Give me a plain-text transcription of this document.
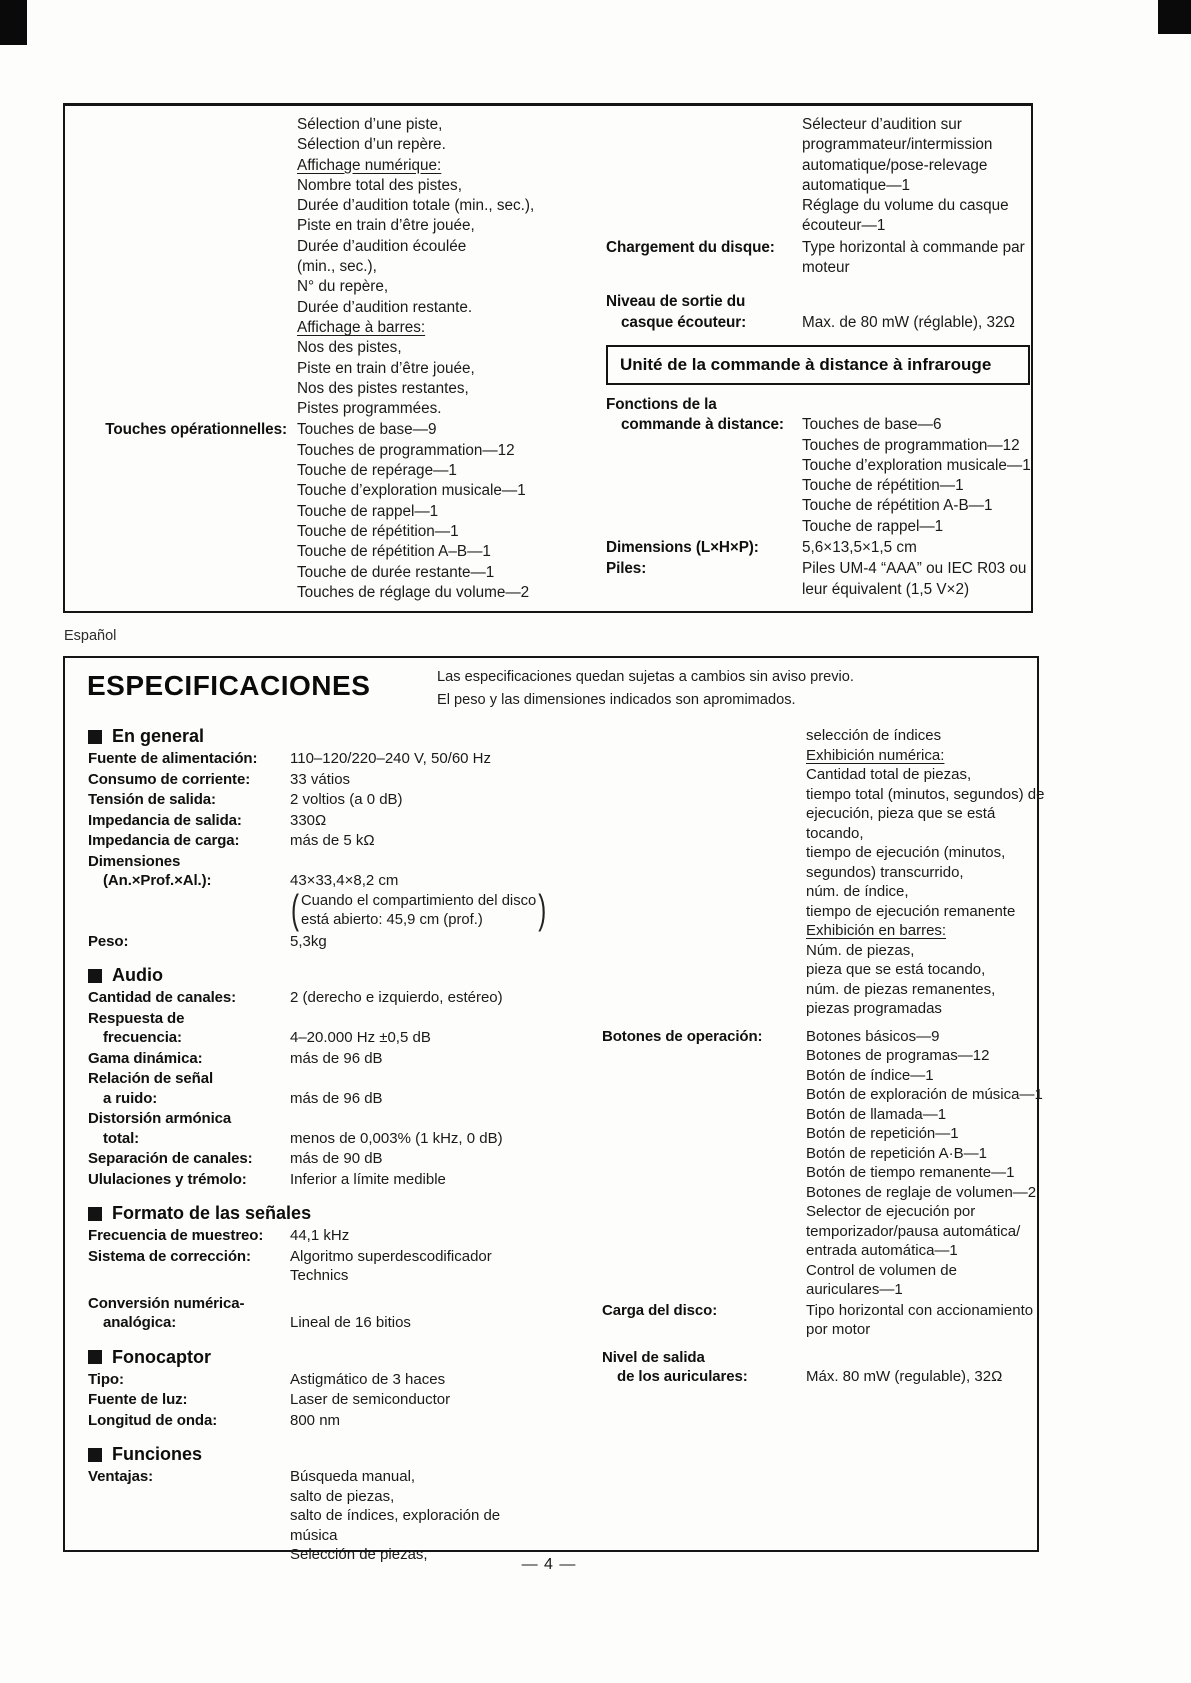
Sélection d’une piste,
Sélection d’un repère.
Affichage numérique:
Nombre total des pistes,
Durée d’audition totale (min., sec.),
Piste en train d’être jouée,
Durée d’audition écoulée
(min., sec.),
N° du repère,
Durée d’audition restante.
Affichage à barres:
Nos des pistes,
Piste en train d’être jouée,
Nos des pistes restantes,
Pistes programmées.
Touches opérationnelles: Touches de base—9
Touches de programmation—12
Touche de repérage—1
Touche d’exploration musicale—1
Touche de rappel—1
Touche de répétition—1
Touche de répétition A–B—1
Touche de durée restante—1
Touches de réglage du volume—2
Sélecteur d’audition sur
programmateur/intermission
automatique/pose-relevage
automatique—1
Réglage du volume du casque
écouteur—1
Chargement du disque:	Type horizontal à commande par
moteur
Niveau de sortie du
casque écouteur:
	Max. de 80 mW (réglable), 32Ω
Unité de la commande à distance à infrarouge
Fonctions de la
commande à distance:
	Touches de base—6
Touches de programmation—12
Touche d’exploration musicale—1
Touche de répétition—1
Touche de répétition A-B—1
Touche de rappel—1
Dimensions (L×H×P):	5,6×13,5×1,5 cm
Piles:	Piles UM-4 “AAA” ou IEC R03 ou
leur équivalent (1,5 V×2)
Español
ESPECIFICACIONES	Las especificaciones quedan sujetas a cambios sin aviso previo.
El peso y las dimensiones indicados son apromimados.
En general
Fuente de alimentación:	110–120/220–240 V, 50/60 Hz
Consumo de corriente:	33 vátios
Tensión de salida:	2 voltios (a 0 dB)
Impedancia de salida:	330Ω
Impedancia de carga:	más de 5 kΩ
Dimensiones
(An.×Prof.×Al.):
	43×33,4×8,2 cm
( Cuando el compartimiento del disco
está abierto: 45,9 cm (prof.)	)
Peso:	5,3kg
Audio
Cantidad de canales:	2 (derecho e izquierdo, estéreo)
Respuesta de
frecuencia:
	4–20.000 Hz ±0,5 dB
Gama dinámica:	más de 96 dB
Relación de señal
a ruido:
	más de 96 dB
Distorsión armónica
total:
	menos de 0,003% (1 kHz, 0 dB)
Separación de canales:	más de 90 dB
Ululaciones y trémolo:	Inferior a límite medible
Formato de las señales
Frecuencia de muestreo:	44,1 kHz
Sistema de corrección:	Algoritmo superdescodificador
Technics
Conversión numérica-
analógica:
	Lineal de 16 bitios
Fonocaptor
Tipo:	Astigmático de 3 haces
Fuente de luz:	Laser de semiconductor
Longitud de onda:	800 nm
Funciones
Ventajas:	Búsqueda manual,
salto de piezas,
salto de índices, exploración de
música
Selección de piezas,
selección de índices
Exhibición numérica:
Cantidad total de piezas,
tiempo total (minutos, segundos) de
ejecución, pieza que se está
tocando,
tiempo de ejecución (minutos,
segundos) transcurrido,
núm. de índice,
tiempo de ejecución remanente
Exhibición en barres:
Núm. de piezas,
pieza que se está tocando,
núm. de piezas remanentes,
piezas programadas
Botones de operación:	Botones básicos—9
Botones de programas—12
Botón de índice—1
Botón de exploración de música—1
Botón de llamada—1
Botón de repetición—1
Botón de repetición A·B—1
Botón de tiempo remanente—1
Botones de reglaje de volumen—2
Selector de ejecución por
temporizador/pausa automática/
entrada automática—1
Control de volumen de
auriculares—1
Carga del disco:	Tipo horizontal con accionamiento
por motor
Nivel de salida
de los auriculares:
	Máx. 80 mW (regulable), 32Ω
— 4 —
